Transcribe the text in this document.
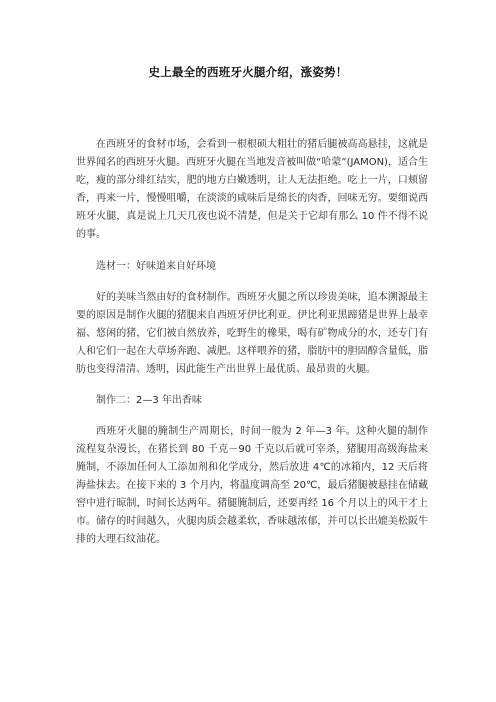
史上最全的西班牙火腿介绍，涨姿势！

在西班牙的食材市场，会看到一根根硕大粗壮的猪后腿被高高悬挂，这就是世界闻名的西班牙火腿。西班牙火腿在当地发音被叫做“哈蒙”(JAMON)，适合生吃，瘦的部分绯红结实，肥的地方白嫩透明，让人无法拒绝。吃上一片，口颊留香，再来一片，慢慢咀嚼，在淡淡的咸味后是绵长的肉香，回味无穷。要细说西班牙火腿，真是说上几天几夜也说不清楚，但是关于它却有那么 10 件不得不说的事。

选材一：好味道来自好环境

好的美味当然由好的食材制作。西班牙火腿之所以珍贵美味，追本溯源最主要的原因是制作火腿的猪腿来自西班牙伊比利亚。伊比利亚黑蹄猪是世界上最幸福、悠闲的猪，它们被自然放养，吃野生的橡果，喝有矿物成分的水，还专门有人和它们一起在大草场奔跑、减肥。这样喂养的猪，脂肪中的胆固醇含量低，脂肪也变得清清、透明，因此能生产出世界上最优质、最昂贵的火腿。

制作二：2—3 年出香味

西班牙火腿的腌制生产周期长，时间一般为 2 年—3 年。这种火腿的制作流程复杂漫长，在猪长到 80 千克－90 千克以后就可宰杀，猪腿用高级海盐来腌制，不添加任何人工添加剂和化学成分，然后放进 4℃的冰箱内，12 天后将海盐抹去。在接下来的 3 个月内，将温度调高至 20℃，最后猪腿被悬挂在储藏窖中进行晾制，时间长达两年。猪腿腌制后，还要再经 16 个月以上的风干才上市。储存的时间越久，火腿肉质会越柔软，香味越浓郁，并可以长出媲美松阪牛排的大理石纹油花。
